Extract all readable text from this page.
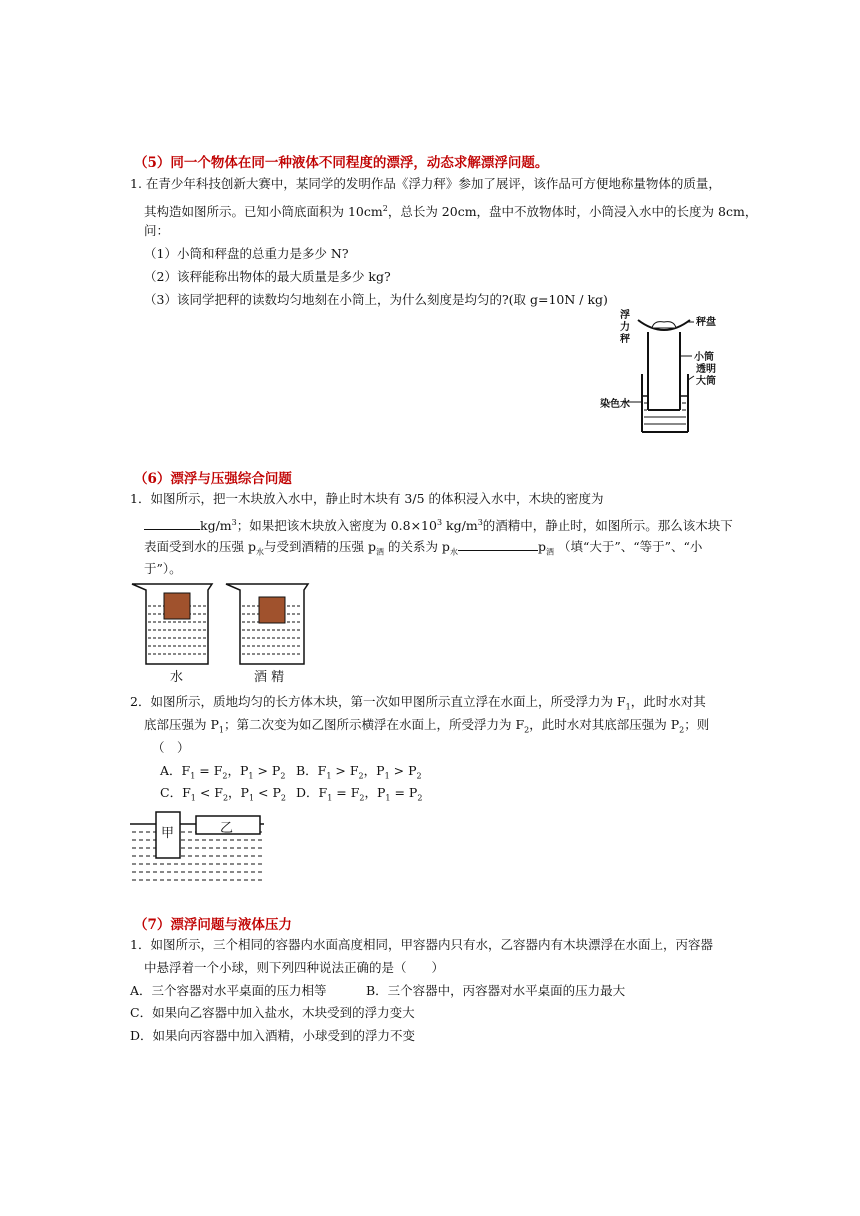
（5）同一个物体在同一种液体不同程度的漂浮，动态求解漂浮问题。
1. 在青少年科技创新大赛中，某同学的发明作品《浮力秤》参加了展评，该作品可方便地称量物体的质量，
其构造如图所示。已知小筒底面积为 $10cm^2$，总长为 20cm，盘中不放物体时，小筒浸入水中的长度为 8cm，
问：
（1）小筒和秤盘的总重力是多少 N?
（2）该秤能称出物体的最大质量是多少 kg?
（3）该同学把秤的读数均匀地刻在小筒上，为什么刻度是均匀的?(取 g=10N / kg)
浮力秤
秤盘
小筒
透明大筒
染色水
（6）漂浮与压强综合问题
1．如图所示，把一木块放入水中，静止时木块有 3/5 的体积浸入水中，木块的密度为
$kg/m^3$；如果把该木块放入密度为 $0.8\times 10^3$ $kg/m^3$的酒精中，静止时，如图所示。那么该木块下
表面受到水的压强 $p_水$与受到酒精的压强 $p_酒$ 的关系为 $p_水$	$p_酒$ （填“大于”、“等于”、“小
于”）。
水	酒 精
2．如图所示，质地均匀的长方体木块，第一次如甲图所示直立浮在水面上，所受浮力为 $F_1$，此时水对其
底部压强为 $P_1$；第二次变为如乙图所示横浮在水面上，所受浮力为 $F_2$，此时水对其底部压强为 $P_2$；则
（　）
A．$F_1 = F_2$，$P_1 > P_2$ B．$F_1 > F_2$，$P_1 > P_2$
C．$F_1 < F_2$，$P_1 < P_2$ D．$F_1 = F_2$，$P_1 = P_2$
甲	乙
（7）漂浮问题与液体压力
1．如图所示，三个相同的容器内水面高度相同，甲容器内只有水，乙容器内有木块漂浮在水面上，丙容器
中悬浮着一个小球，则下列四种说法正确的是（　　）
A．三个容器对水平桌面的压力相等	B．三个容器中，丙容器对水平桌面的压力最大
C．如果向乙容器中加入盐水，木块受到的浮力变大
D．如果向丙容器中加入酒精，小球受到的浮力不变
